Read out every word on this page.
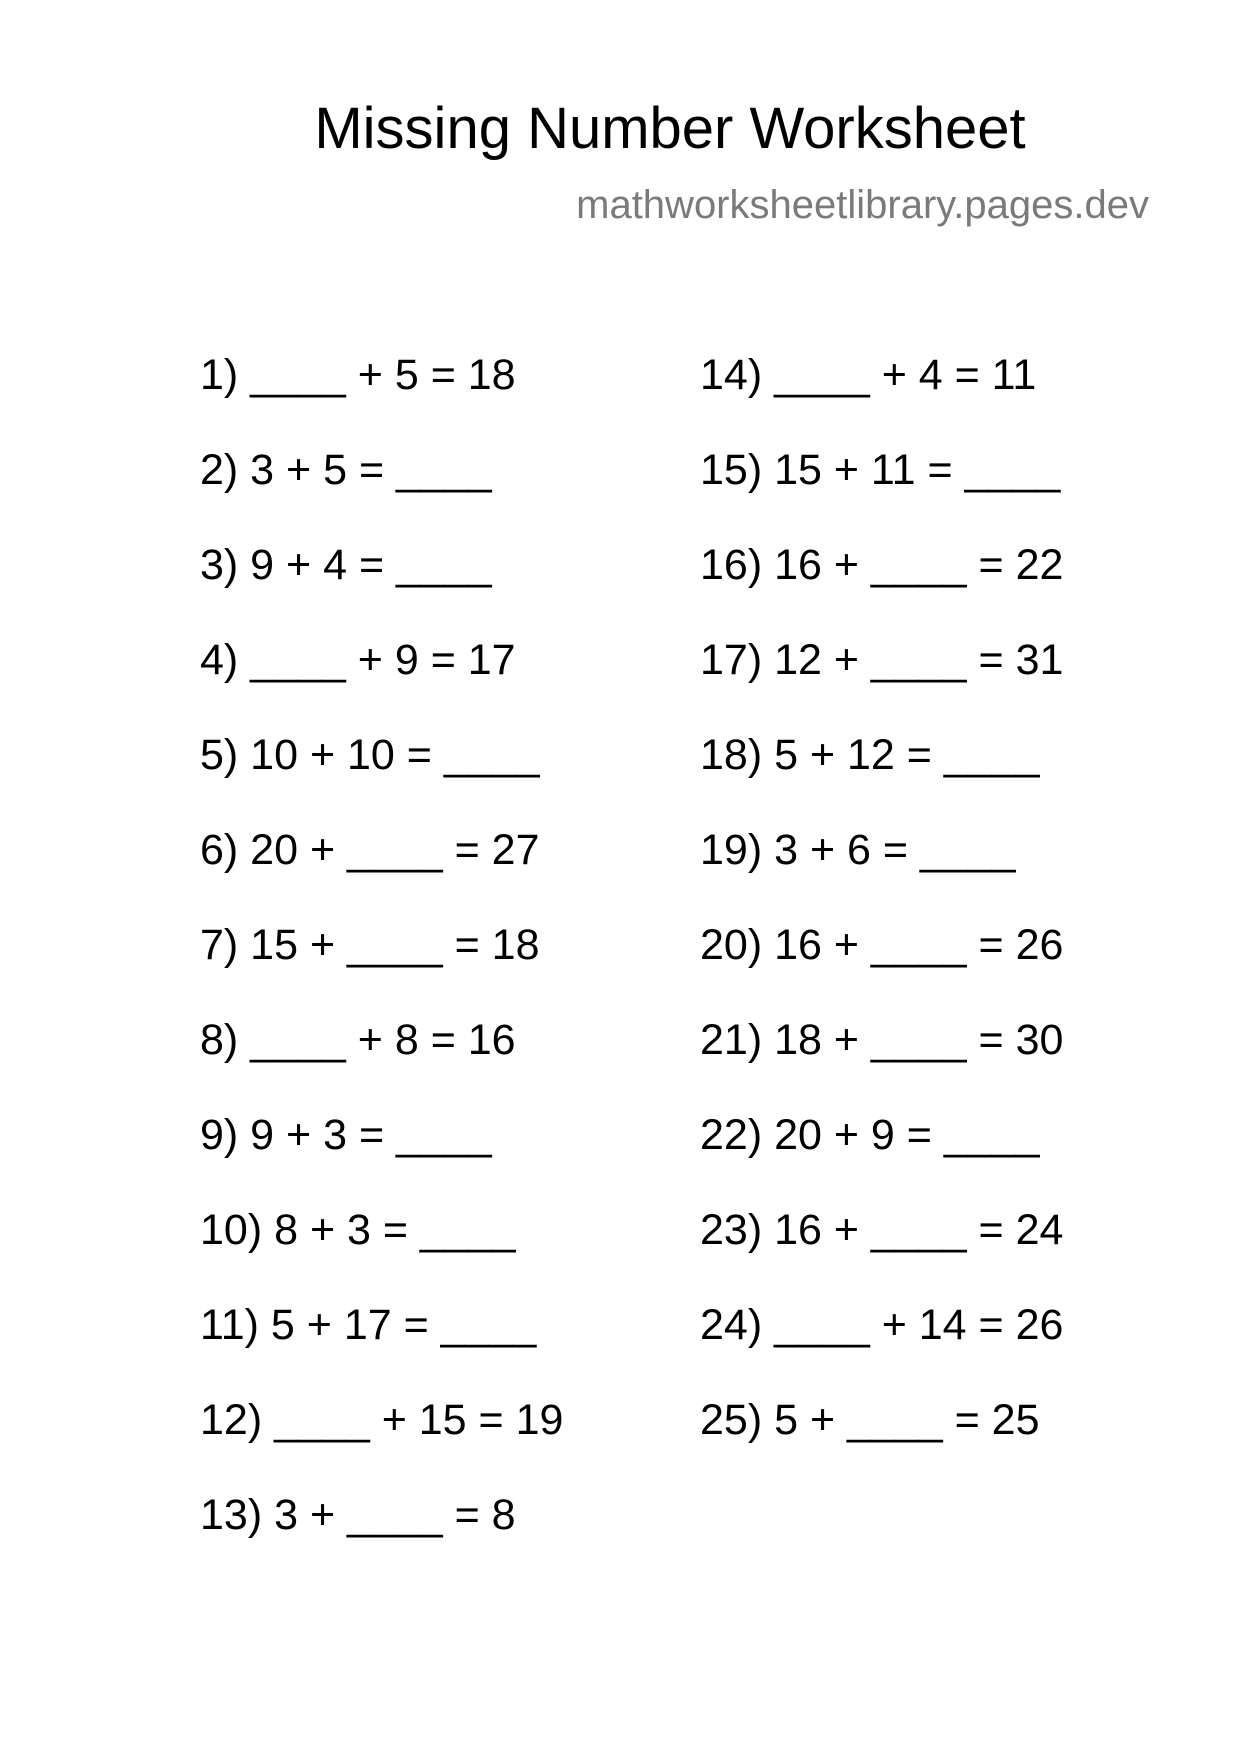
Missing Number Worksheet
mathworksheetlibrary.pages.dev
1) ____ + 5 = 18
2) 3 + 5 = ____
3) 9 + 4 = ____
4) ____ + 9 = 17
5) 10 + 10 = ____
6) 20 + ____ = 27
7) 15 + ____ = 18
8) ____ + 8 = 16
9) 9 + 3 = ____
10) 8 + 3 = ____
11) 5 + 17 = ____
12) ____ + 15 = 19
13) 3 + ____ = 8
14) ____ + 4 = 11
15) 15 + 11 = ____
16) 16 + ____ = 22
17) 12 + ____ = 31
18) 5 + 12 = ____
19) 3 + 6 = ____
20) 16 + ____ = 26
21) 18 + ____ = 30
22) 20 + 9 = ____
23) 16 + ____ = 24
24) ____ + 14 = 26
25) 5 + ____ = 25
